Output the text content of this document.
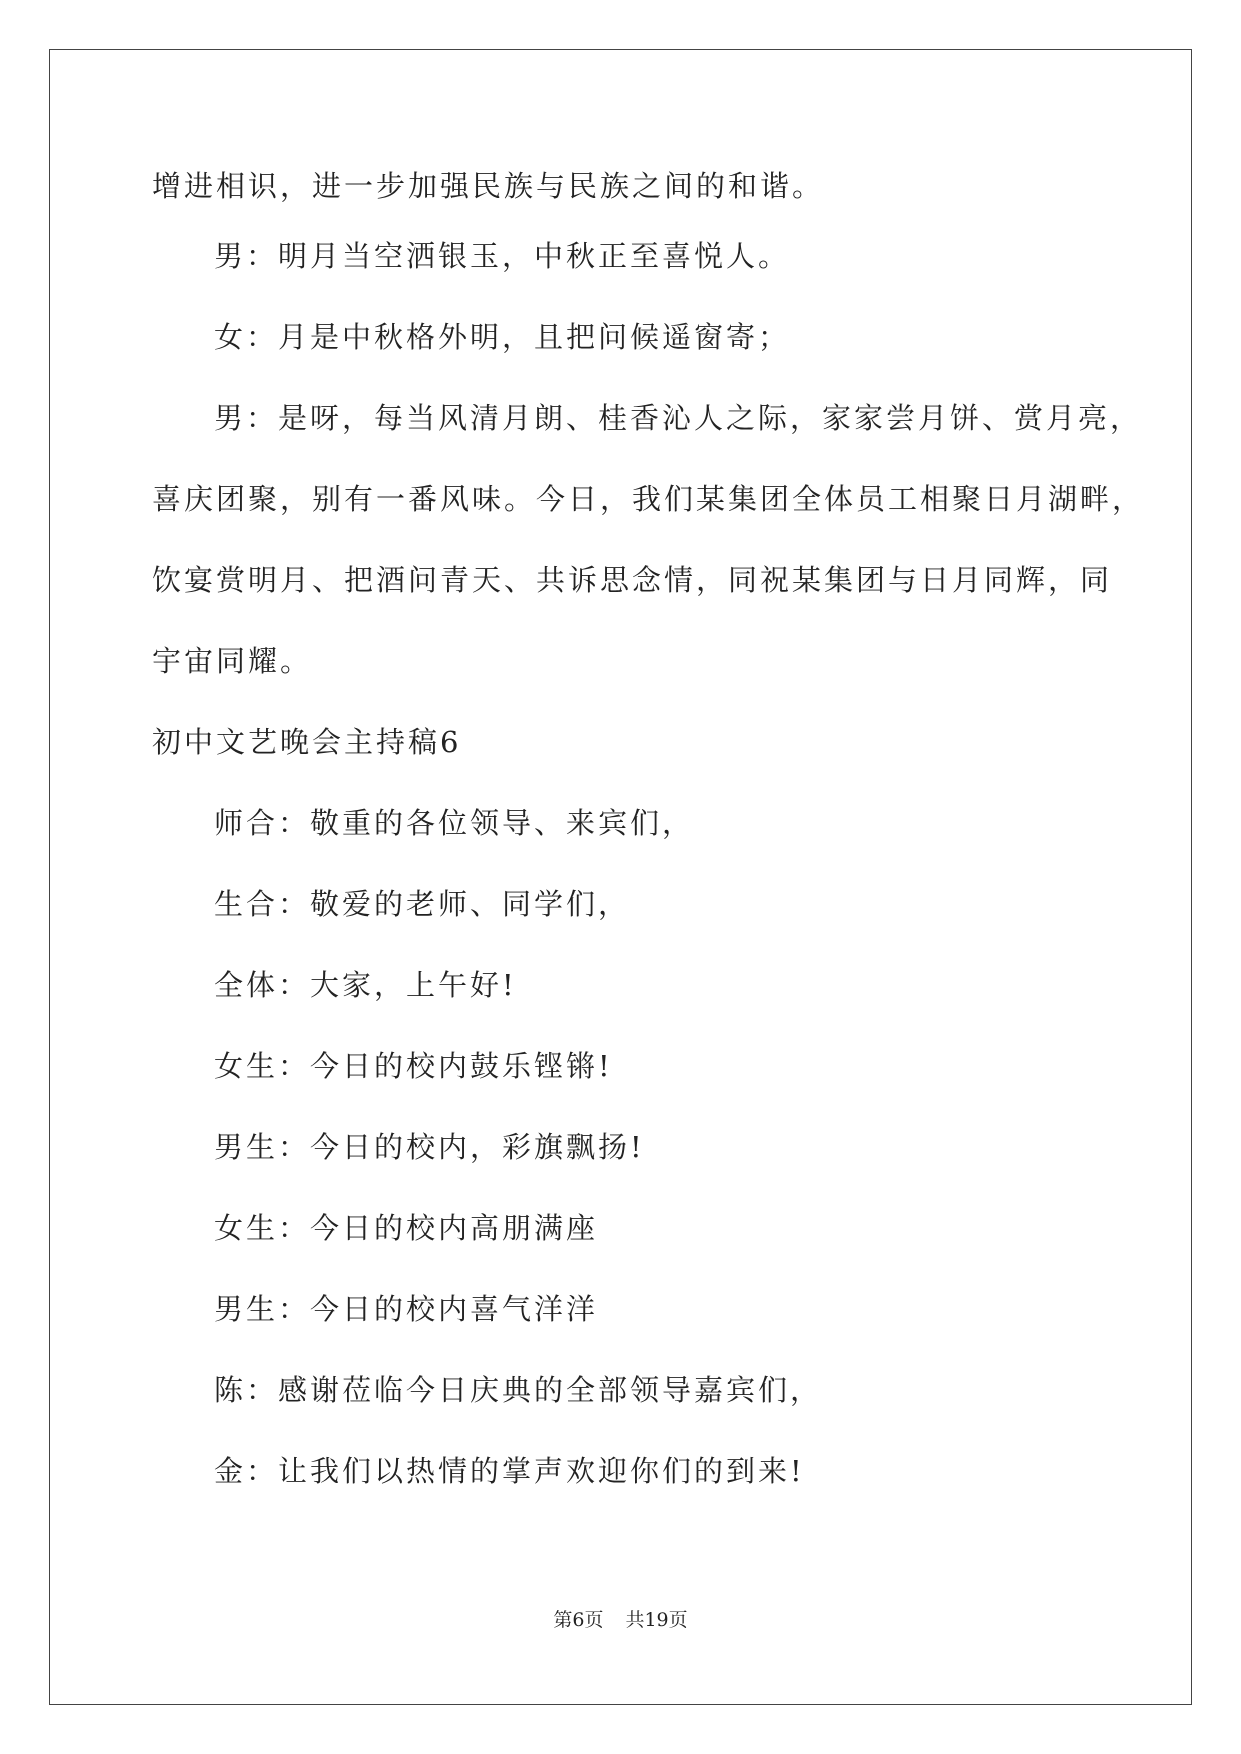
增进相识，进一步加强民族与民族之间的和谐。
男：明月当空洒银玉，中秋正至喜悦人。
女：月是中秋格外明，且把问候遥窗寄；
男：是呀，每当风清月朗、桂香沁人之际，家家尝月饼、赏月亮，
喜庆团聚，别有一番风味。今日，我们某集团全体员工相聚日月湖畔，
饮宴赏明月、把酒问青天、共诉思念情，同祝某集团与日月同辉，同
宇宙同耀。
初中文艺晚会主持稿6
师合：敬重的各位领导、来宾们，
生合：敬爱的老师、同学们，
全体：大家，上午好!
女生：今日的校内鼓乐铿锵!
男生：今日的校内，彩旗飘扬!
女生：今日的校内高朋满座
男生：今日的校内喜气洋洋
陈：感谢莅临今日庆典的全部领导嘉宾们，
金：让我们以热情的掌声欢迎你们的到来!
第6页 共19页
